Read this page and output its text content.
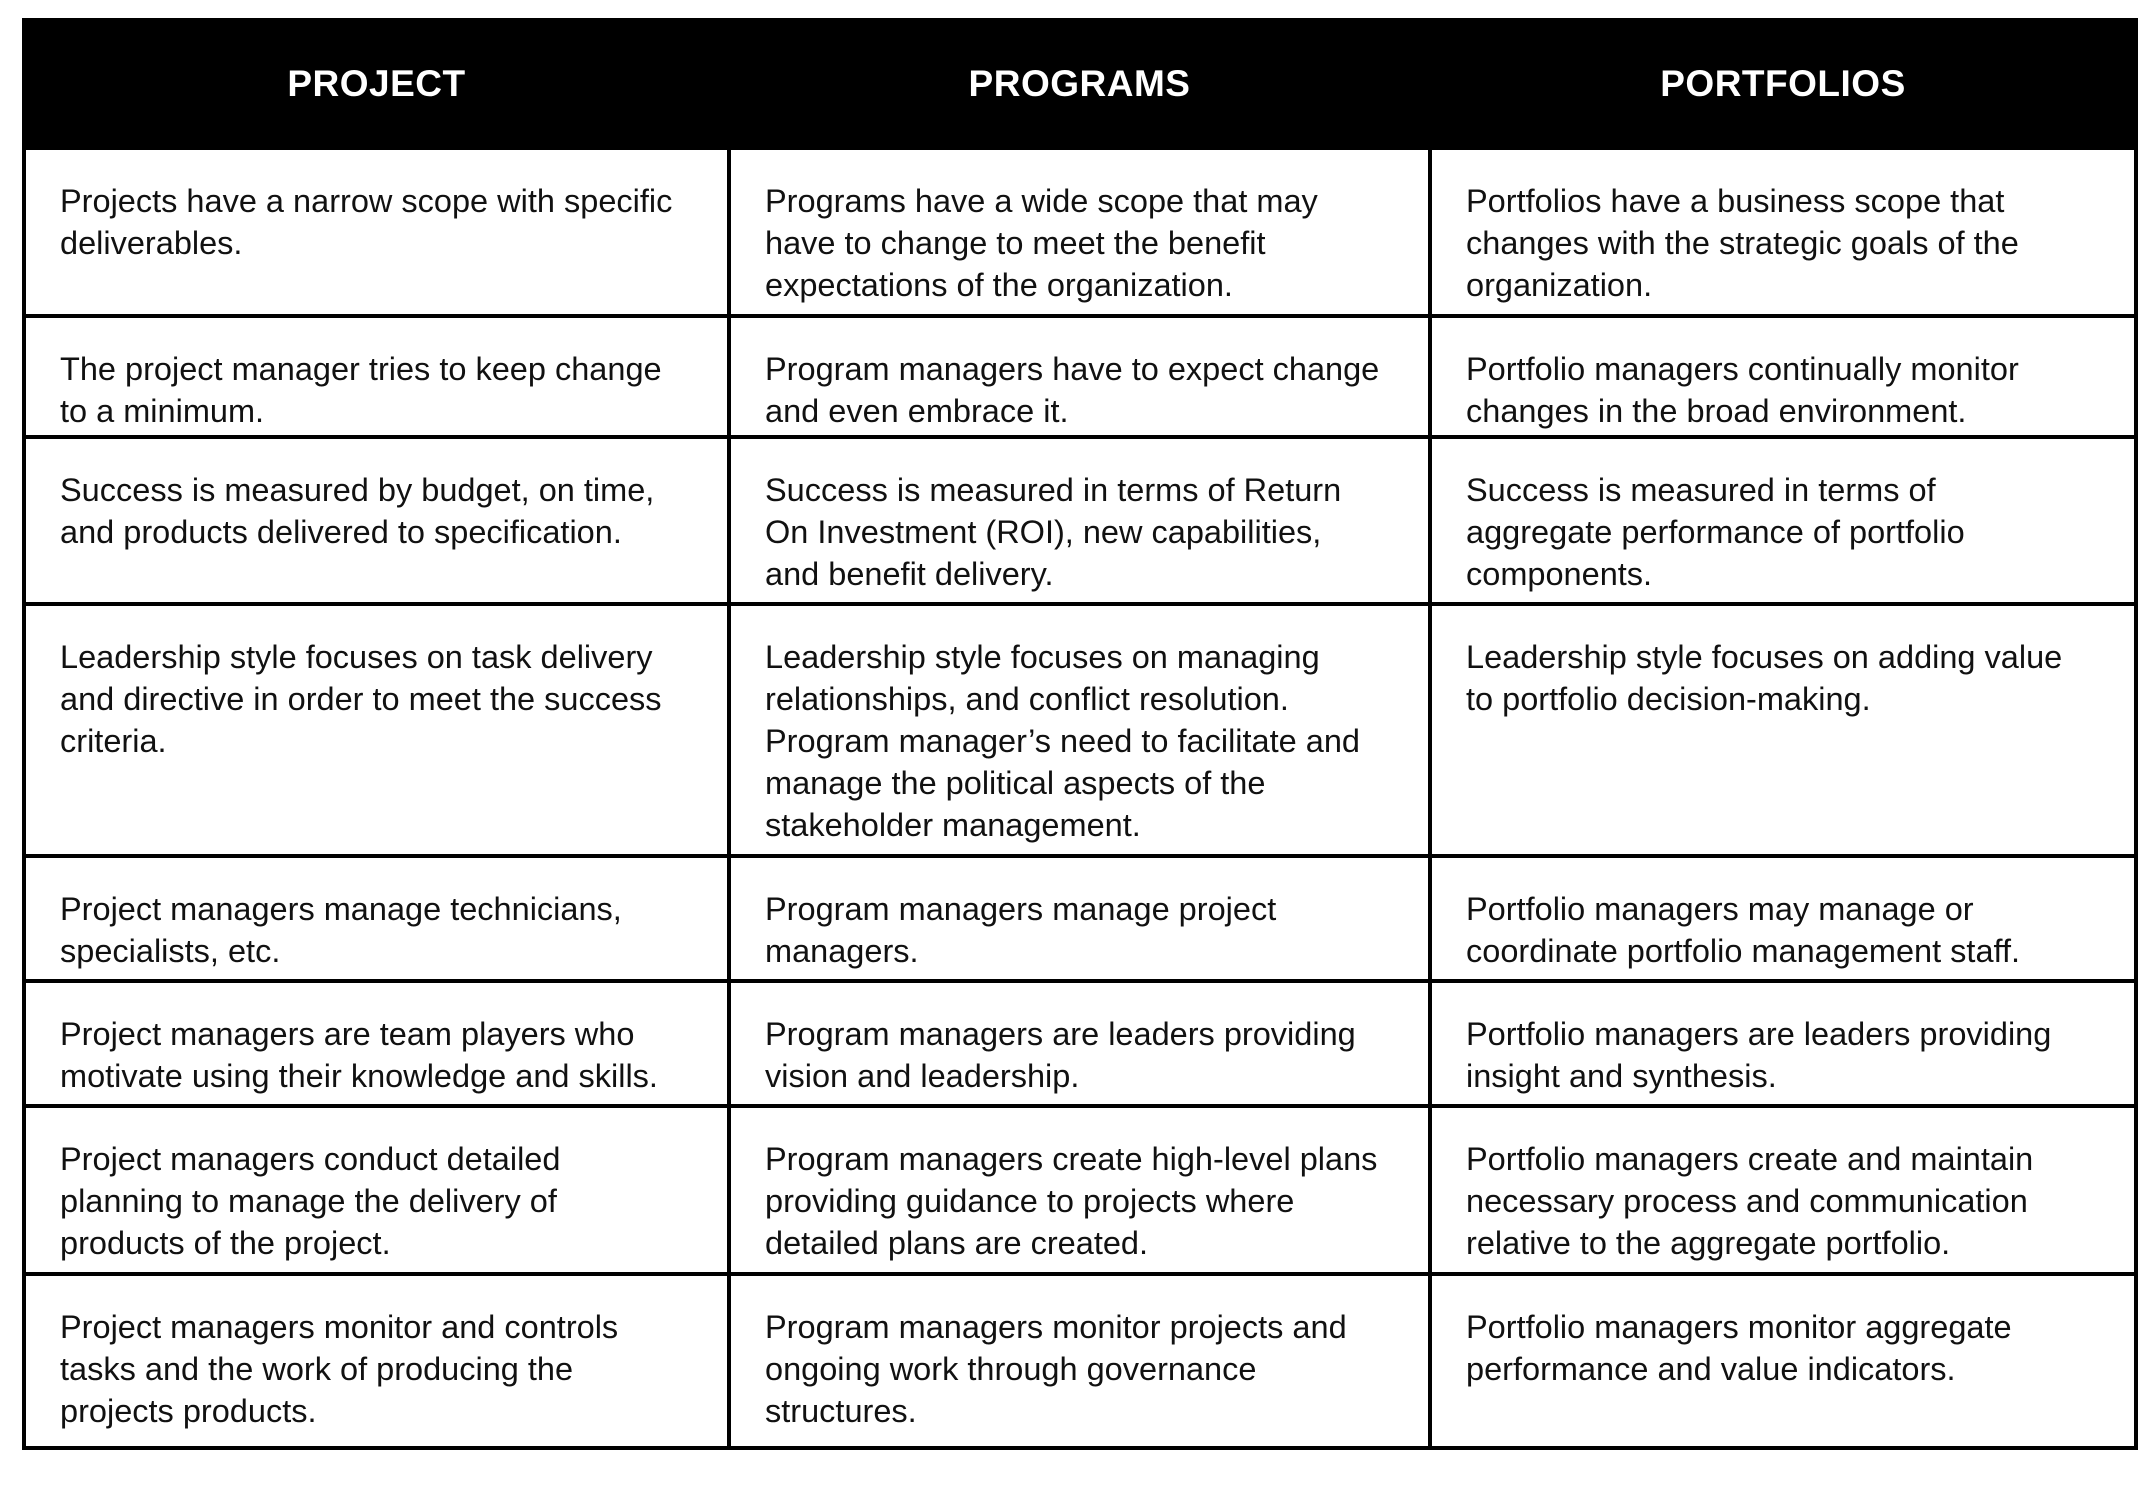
PROJECT	PROGRAMS	PORTFOLIOS

Projects have a narrow scope with specific deliverables.	Programs have a wide scope that may have to change to meet the benefit expectations of the organization.	Portfolios have a business scope that changes with the strategic goals of the organization.

The project manager tries to keep change to a minimum.	Program managers have to expect change and even embrace it.	Portfolio managers continually monitor changes in the broad environment.

Success is measured by budget, on time, and products delivered to specification.	Success is measured in terms of Return On Investment (ROI), new capabilities, and benefit delivery.	Success is measured in terms of aggregate performance of portfolio components.

Leadership style focuses on task delivery and directive in order to meet the success criteria.	Leadership style focuses on managing relationships, and conflict resolution. Program manager’s need to facilitate and manage the political aspects of the stakeholder management.	Leadership style focuses on adding value to portfolio decision-making.

Project managers manage technicians, specialists, etc.	Program managers manage project managers.	Portfolio managers may manage or coordinate portfolio management staff.

Project managers are team players who motivate using their knowledge and skills.	Program managers are leaders providing vision and leadership.	Portfolio managers are leaders providing insight and synthesis.

Project managers conduct detailed planning to manage the delivery of products of the project.	Program managers create high-level plans providing guidance to projects where detailed plans are created.	Portfolio managers create and maintain necessary process and communication relative to the aggregate portfolio.

Project managers monitor and controls tasks and the work of producing the projects products.	Program managers monitor projects and ongoing work through governance structures.	Portfolio managers monitor aggregate performance and value indicators.
